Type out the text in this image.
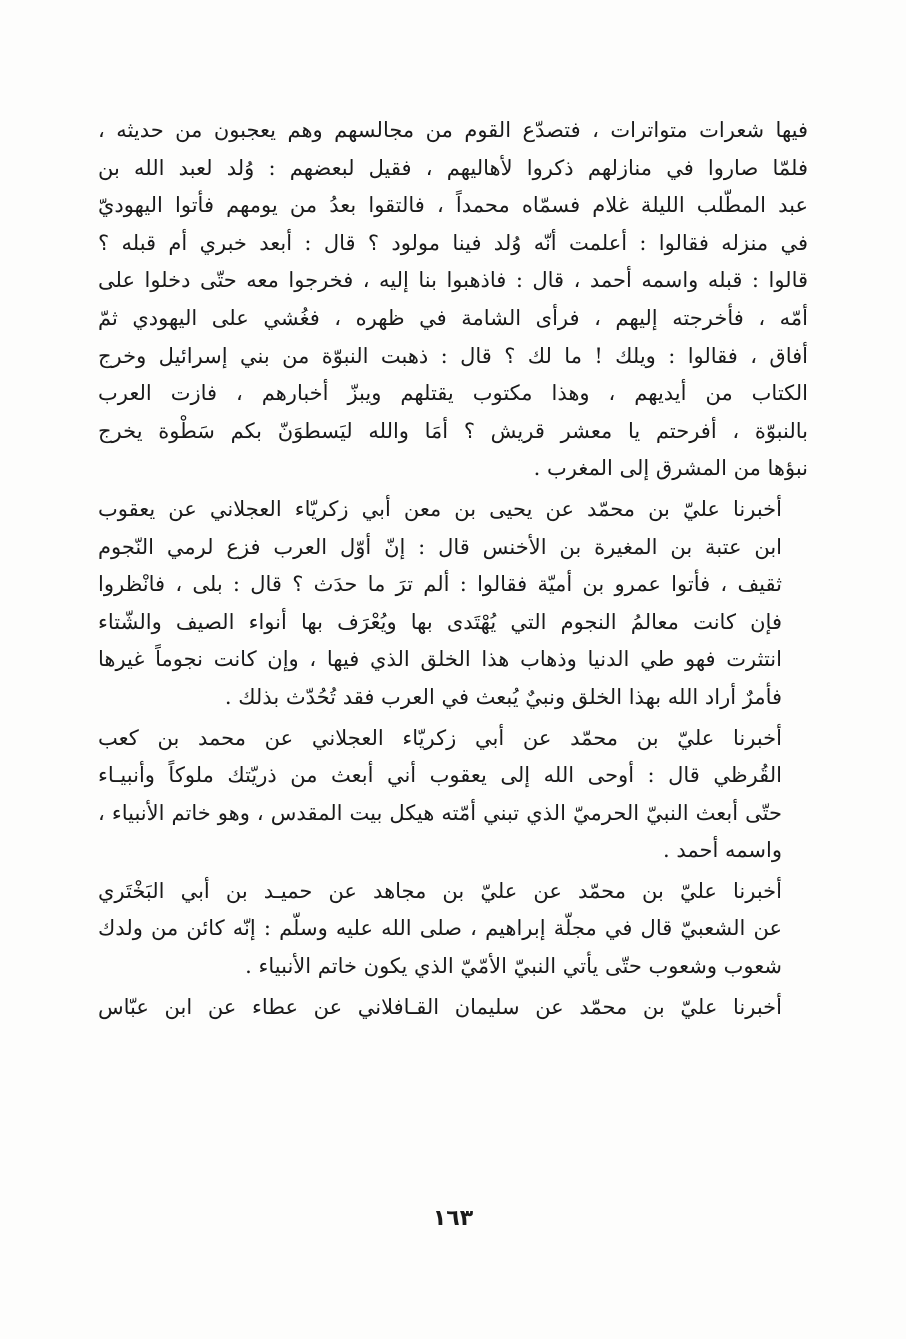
فيها شعرات متواترات ، فتصدّع القوم من مجالسهم وهم يعجبون من حديثه ،
فلمّا صاروا في منازلهم ذكروا لأهاليهم ، فقيل لبعضهم : وُلد لعبد الله بن
عبد المطّلب الليلة غلام فسمّاه محمداً ، فالتقوا بعدُ من يومهم فأتوا اليهوديّ
في منزله فقالوا : أعلمت أنّه وُلد فينا مولود ؟ قال : أبعد خبري أم قبله ؟
قالوا : قبله واسمه أحمد ، قال : فاذهبوا بنا إليه ، فخرجوا معه حتّى دخلوا على
أمّه ، فأخرجته إليهم ، فرأى الشامة في ظهره ، فغُشي على اليهودي ثمّ
أفاق ، فقالوا : ويلك ! ما لك ؟ قال : ذهبت النبوّة من بني إسرائيل وخرج
الكتاب من أيديهم ، وهذا مكتوب يقتلهم ويبزّ أخبارهم ، فازت العرب
بالنبوّة ، أفرحتم يا معشر قريش ؟ أمَا والله ليَسطوَنّ بكم سَطْوة يخرج
نبؤها من المشرق إلى المغرب .
أخبرنا عليّ بن محمّد عن يحيى بن معن أبي زكريّاء العجلاني عن يعقوب
ابن عتبة بن المغيرة بن الأخنس قال : إنّ أوّل العرب فزع لرمي النّجوم
ثقيف ، فأتوا عمرو بن أميّة فقالوا : ألم ترَ ما حدَث ؟ قال : بلى ، فانْظروا
فإن كانت معالمُ النجوم التي يُهْتَدى بها ويُعْرَف بها أنواء الصيف والشّتاء
انتثرت فهو طي الدنيا وذهاب هذا الخلق الذي فيها ، وإن كانت نجوماً غيرها
فأمرٌ أراد الله بهذا الخلق ونبيٌ يُبعث في العرب فقد تُحُدّث بذلك .
أخبرنا عليّ بن محمّد عن أبي زكريّاء العجلاني عن محمد بن كعب
القُرظي قال : أوحى الله إلى يعقوب أني أبعث من ذريّتك ملوكاً وأنبيـاء
حتّى أبعث النبيّ الحرميّ الذي تبني أمّته هيكل بيت المقدس ، وهو خاتم الأنبياء ،
واسمه أحمد .
أخبرنا عليّ بن محمّد عن عليّ بن مجاهد عن حميـد بن أبي البَخْتَري
عن الشعبيّ قال في مجلّة إبراهيم ، صلى الله عليه وسلّم : إنّه كائن من ولدك
شعوب وشعوب حتّى يأتي النبيّ الأمّيّ الذي يكون خاتم الأنبياء .
أخبرنا عليّ بن محمّد عن سليمان القـافلاني عن عطاء عن ابن عبّاس
١٦٣
